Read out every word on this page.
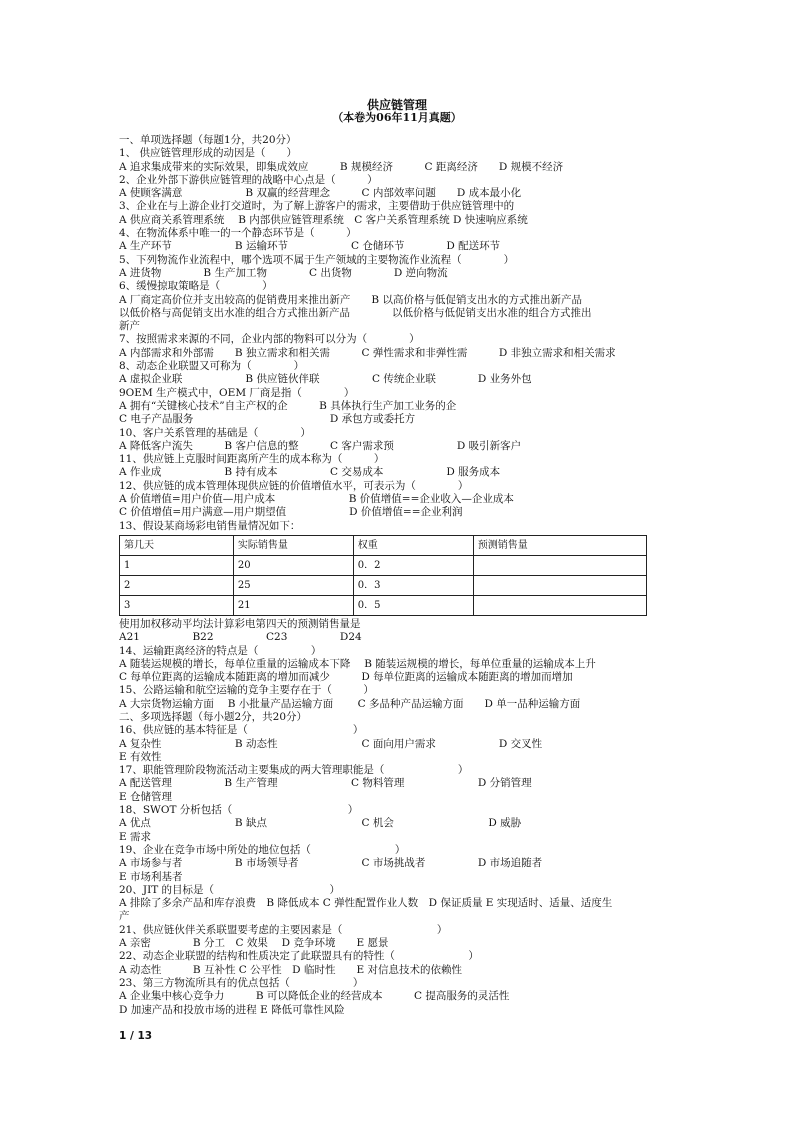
供应链管理
（本卷为06年11月真题）
一、单项选择题（每题1分，共20分）
1、 供应链管理形成的动因是（　　）
A 追求集成带来的实际效果，即集成效应　　　B 规模经济　　　C 距离经济　　D 规模不经济
2、企业外部下游供应链管理的战略中心点是（　　　）
A 使顾客满意　　　　　　B 双赢的经营理念　　　C 内部效率问题　　D 成本最小化
3、企业在与上游企业打交道时，为了解上游客户的需求，主要借助于供应链管理中的
A 供应商关系管理系统　 B 内部供应链管理系统　C 客户关系管理系统 D 快速响应系统
4、在物流体系中唯一的一个静态环节是（　　　）
A 生产环节　　　　　　B 运输环节　　　　　　C 仓储环节　　　　D 配送环节
5、下列物流作业流程中，哪个选项不属于生产领域的主要物流作业流程（　　　　）
A 进货物　　　　B 生产加工物　　　　C 出货物　　　　D 逆向物流
6、缓慢掠取策略是（　　　　）
A 厂商定高价位并支出较高的促销费用来推出新产　　B 以高价格与低促销支出水的方式推出新产品
以低价格与高促销支出水准的组合方式推出新产品　　　　以低价格与低促销支出水准的组合方式推出
新产
7、按照需求来源的不同，企业内部的物料可以分为（　　　　）
A 内部需求和外部需　　B 独立需求和相关需　　　C 弹性需求和非弹性需　　　D 非独立需求和相关需求
8、动态企业联盟又可称为（　　　　）
A 虚拟企业联　　　　　　B 供应链伙伴联　　　　　C 传统企业联　　　　D 业务外包
9OEM 生产模式中，OEM 厂商是指（　　　　）
A 拥有“关键核心技术”自主产权的企　　　B 具体执行生产加工业务的企
C 电子产品服务　　　　　　　　　　　　　D 承包方或委托方
10、客户关系管理的基础是（　　　　）
A 降低客户流失　　　B 客户信息的整　　　C 客户需求预　　　　　　D 吸引新客户
11、供应链上克服时间距离所产生的成本称为（　　　）
A 作业成　　　　　　B 持有成本　　　　　C 交易成本　　　　　　D 服务成本
12、供应链的成本管理体现供应链的价值增值水平，可表示为（　　　　）
A 价值增值=用户价值—用户成本　　　　　　　B 价值增值==企业收入—企业成本
C 价值增值=用户满意—用户期望值　　　　　　D 价值增值==企业利润
13、假设某商场彩电销售量情况如下：
第几天	实际销售量	权重	预测销售量
1	20	0．2	
2	25	0．3	
3	21	0．5	
使用加权移动平均法计算彩电第四天的预测销售量是
A21　　　　　B22　　　　　C23　　　　　D24
14、运输距离经济的特点是（　　　　　）
A 随装运规模的增长，每单位重量的运输成本下降　 B 随装运规模的增长，每单位重量的运输成本上升
C 每单位距离的运输成本随距离的增加而减少　　　D 每单位距离的运输成本随距离的增加而增加
15、公路运输和航空运输的竞争主要存在于（　　　）
A 大宗货物运输方面　 B 小批量产品运输方面　　 C 多品种产品运输方面　　D 单一品种运输方面
二、多项选择题（每小题2分，共20分）
16、供应链的基本特征是（　　　　　　　　　　）
A 复杂性　　　　　　　B 动态性　　　　　　　　C 面向用户需求　　　　　　D 交叉性
E 有效性
17、职能管理阶段物流活动主要集成的两大管理职能是（　　　　　　　）
A 配送管理　　　　　B 生产管理　　　　　　　C 物料管理　　　　　　　D 分销管理
E 仓储管理
18、SWOT 分析包括（　　　　　　　　　　　）
A 优点　　　　　　　　B 缺点　　　　　　　　　C 机会　　　　　　　　　D 威胁
E 需求
19、企业在竞争市场中所处的地位包括（　　　　　　　　）
A 市场参与者　　　　　B 市场领导者　　　　　　C 市场挑战者　　　　　D 市场追随者
E 市场利基者
20、JIT 的目标是（　　　　　　　　　　　）
A 排除了多余产品和库存浪费　B 降低成本 C 弹性配置作业人数　D 保证质量 E 实现适时、适量、适度生
产
21、供应链伙伴关系联盟要考虑的主要因素是（　　　　　　　　　）
A 亲密　　　　B 分工　C 效果　 D 竞争环境　　E 愿景
22、动态企业联盟的结构和性质决定了此联盟具有的特性（　　　　　　　）
A 动态性　　　B 互补性 C 公平性　D 临时性　　E 对信息技术的依赖性
23、第三方物流所具有的优点包括（　　　　　　）
A 企业集中核心竞争力　　　B 可以降低企业的经营成本　　　C 提高服务的灵活性
D 加速产品和投放市场的进程 E 降低可靠性风险
1 / 13
